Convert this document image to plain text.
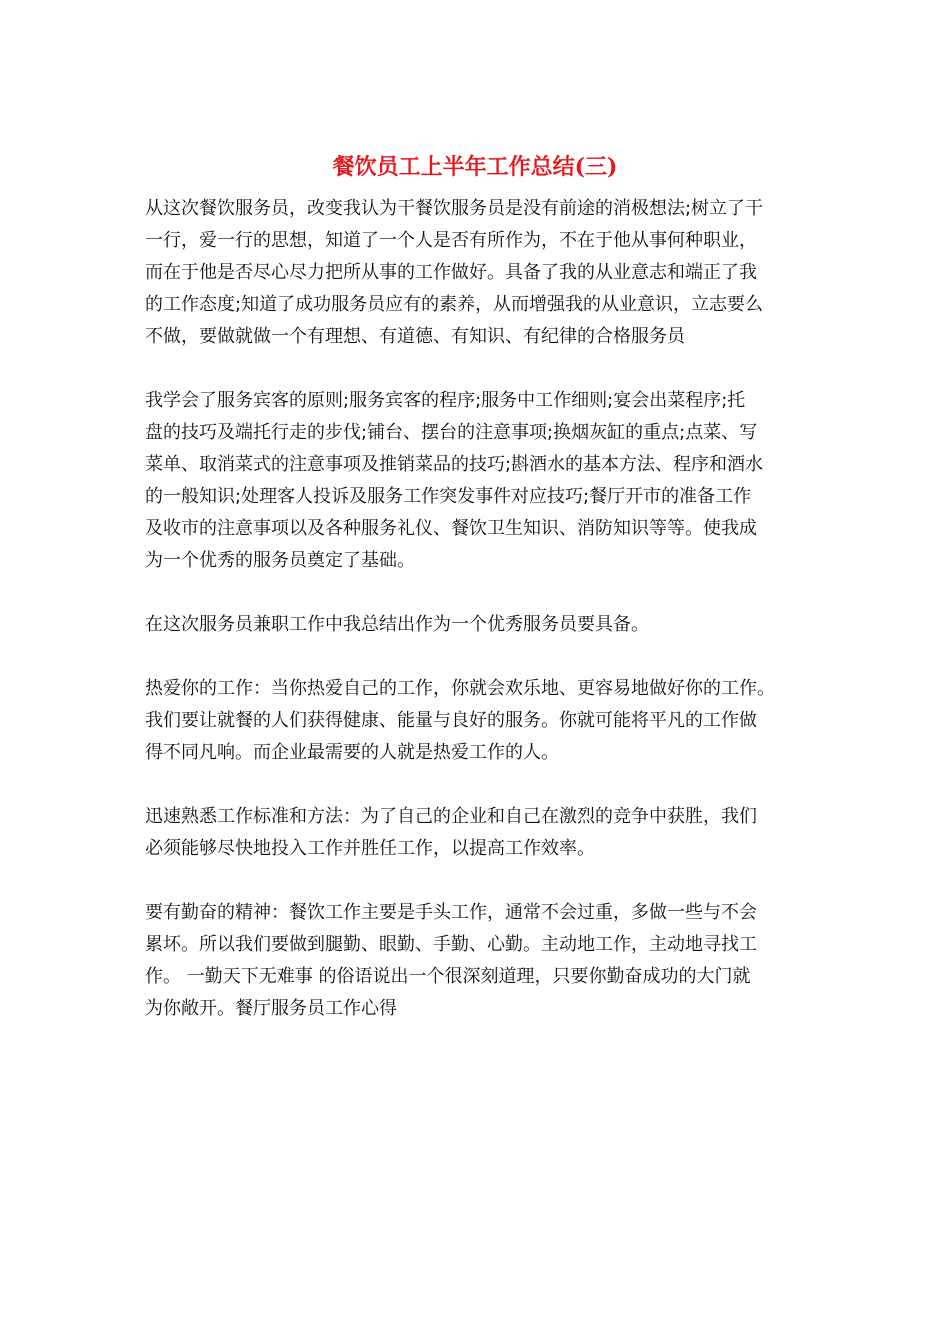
餐饮员工上半年工作总结(三)
从这次餐饮服务员，改变我认为干餐饮服务员是没有前途的消极想法;树立了干
一行，爱一行的思想，知道了一个人是否有所作为，不在于他从事何种职业，
而在于他是否尽心尽力把所从事的工作做好。具备了我的从业意志和端正了我
的工作态度;知道了成功服务员应有的素养，从而增强我的从业意识，立志要么
不做，要做就做一个有理想、有道德、有知识、有纪律的合格服务员
我学会了服务宾客的原则;服务宾客的程序;服务中工作细则;宴会出菜程序;托
盘的技巧及端托行走的步伐;铺台、摆台的注意事项;换烟灰缸的重点;点菜、写
菜单、取消菜式的注意事项及推销菜品的技巧;斟酒水的基本方法、程序和酒水
的一般知识;处理客人投诉及服务工作突发事件对应技巧;餐厅开市的准备工作
及收市的注意事项以及各种服务礼仪、餐饮卫生知识、消防知识等等。使我成
为一个优秀的服务员奠定了基础。
在这次服务员兼职工作中我总结出作为一个优秀服务员要具备。
热爱你的工作：当你热爱自己的工作，你就会欢乐地、更容易地做好你的工作。
我们要让就餐的人们获得健康、能量与良好的服务。你就可能将平凡的工作做
得不同凡响。而企业最需要的人就是热爱工作的人。
迅速熟悉工作标准和方法：为了自己的企业和自己在激烈的竞争中获胜，我们
必须能够尽快地投入工作并胜任工作，以提高工作效率。
要有勤奋的精神：餐饮工作主要是手头工作，通常不会过重，多做一些与不会
累坏。所以我们要做到腿勤、眼勤、手勤、心勤。主动地工作，主动地寻找工
作。 一勤天下无难事 的俗语说出一个很深刻道理，只要你勤奋成功的大门就
为你敞开。餐厅服务员工作心得
